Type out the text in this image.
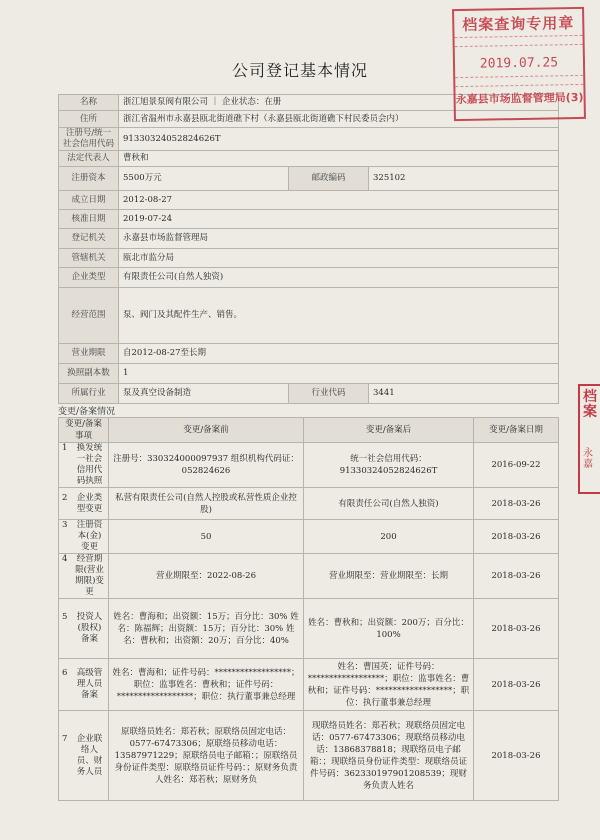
公司登记基本情况
名称	浙江旭景泵阀有限公司 ｜ 企业状态：在册		
住所	浙江省温州市永嘉县瓯北街道礁下村（永嘉县瓯北街道礁下村民委员会内）		
注册号/统一社会信用代码	91330324052824626T		
法定代表人	曹秋和		
注册资本	5500万元	邮政编码	325102
成立日期	2012-08-27		
核准日期	2019-07-24		
登记机关	永嘉县市场监督管理局		
管辖机关	瓯北市监分局		
企业类型	有限责任公司(自然人独资)		
经营范围	泵、阀门及其配件生产、销售。		
营业期限	自2012-08-27至长期		
换照副本数	1		
所属行业	泵及真空设备制造	行业代码	3441
变更/备案情况
变更/备案事项	变更/备案前	变更/备案后	变更/备案日期

1 换发统一社会信用代码执照	注册号：330324000097937 组织机构代码证：052824626	统一社会信用代码：91330324052824626T	2016-09-22

2 企业类型变更	私营有限责任公司(自然人控股或私营性质企业控股)	有限责任公司(自然人独资)	2018-03-26

3 注册资本(金)变更	50	200	2018-03-26

4 经营期限(营业期限)变更	营业期限至：2022-08-26	营业期限至：营业期限至：长期	2018-03-26

5 投资人(股权)备案	姓名：曹海和；出资额：15万；百分比：30% 姓名：陈福辉；出资额：15万；百分比：30% 姓名：曹秋和；出资额：20万；百分比：40%	姓名：曹秋和；出资额：200万；百分比：100%	2018-03-26

6 高级管理人员备案	姓名：曹海和；证件号码：******************；职位：监事姓名：曹秋和；证件号码：******************；职位：执行董事兼总经理	姓名：曹国英；证件号码：******************；职位：监事姓名：曹秋和；证件号码：******************；职位：执行董事兼总经理	2018-03-26

7 企业联络人员、财务人员	原联络员姓名：郑若秋；原联络员固定电话：0577-67473306；原联络员移动电话：13587971229；原联络员电子邮箱：；原联络员身份证件类型：原联络员证件号码：；原财务负责人姓名：郑若秋；原财务负	现联络员姓名：郑若秋；现联络员固定电话：0577-67473306；现联络员移动电话：13868378818；现联络员电子邮箱：；现联络员身份证件类型：现联络员证件号码：362330197901208539；现财务负责人姓名	2018-03-26
档案查询专用章
2019.07.25
永嘉县市场监督管理局(3)
档案
永嘉
